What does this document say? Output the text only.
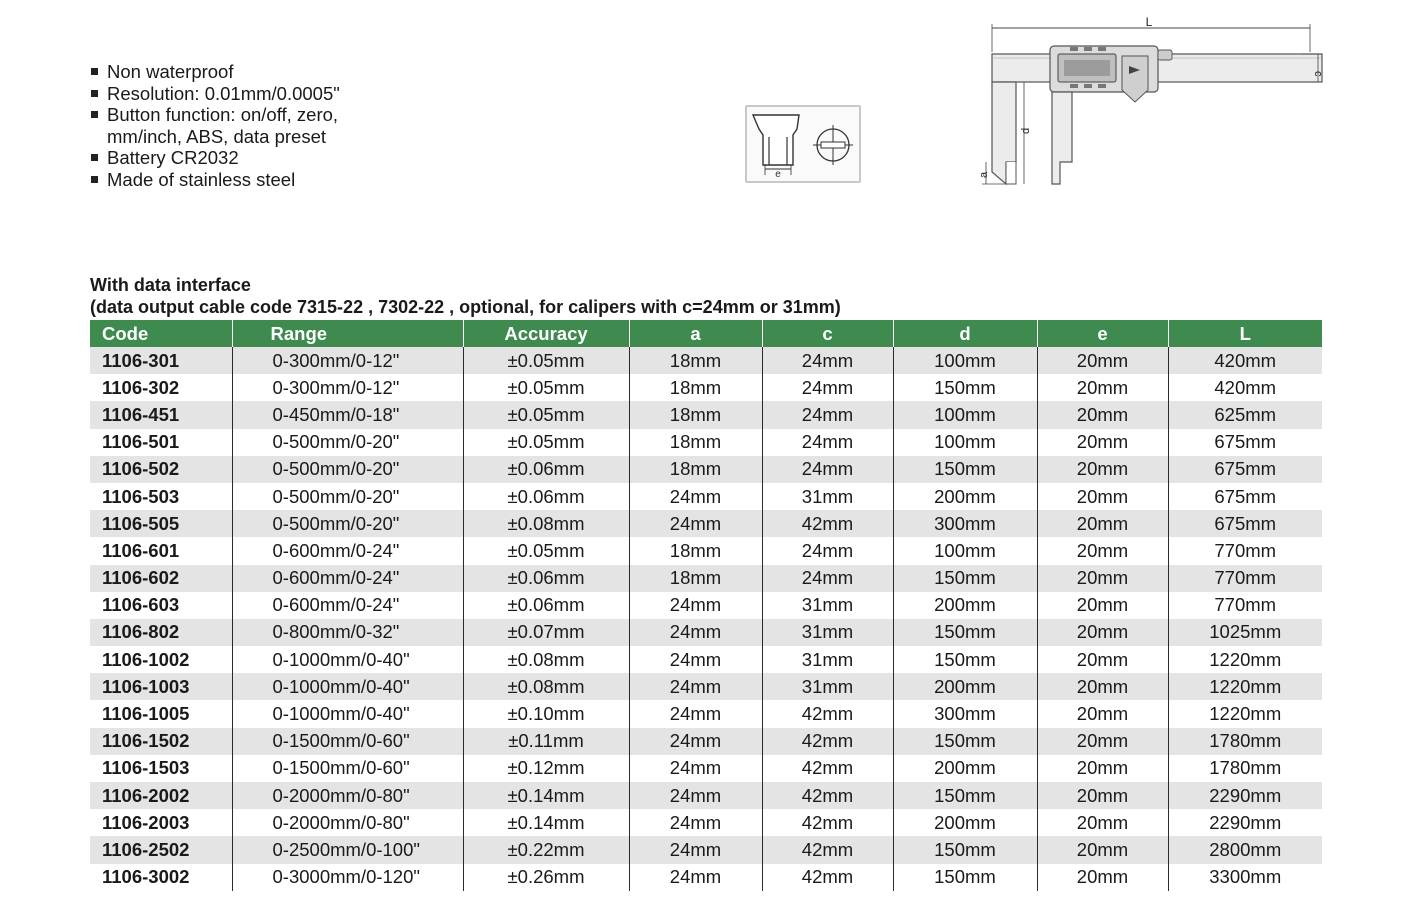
Non waterproof
Resolution: 0.01mm/0.0005"
Button function: on/off, zero,
mm/inch, ABS, data preset
Battery CR2032
Made of stainless steel	e
L
c
d
a
With data interface
(data output cable code 7315-22 , 7302-22 , optional, for calipers with c=24mm or 31mm)
Code	Range	Accuracy	a	c	d	e	L
1106-301	0-300mm/0-12"	±0.05mm	18mm	24mm	100mm	20mm	420mm
1106-302	0-300mm/0-12"	±0.05mm	18mm	24mm	150mm	20mm	420mm
1106-451	0-450mm/0-18"	±0.05mm	18mm	24mm	100mm	20mm	625mm
1106-501	0-500mm/0-20"	±0.05mm	18mm	24mm	100mm	20mm	675mm
1106-502	0-500mm/0-20"	±0.06mm	18mm	24mm	150mm	20mm	675mm
1106-503	0-500mm/0-20"	±0.06mm	24mm	31mm	200mm	20mm	675mm
1106-505	0-500mm/0-20"	±0.08mm	24mm	42mm	300mm	20mm	675mm
1106-601	0-600mm/0-24"	±0.05mm	18mm	24mm	100mm	20mm	770mm
1106-602	0-600mm/0-24"	±0.06mm	18mm	24mm	150mm	20mm	770mm
1106-603	0-600mm/0-24"	±0.06mm	24mm	31mm	200mm	20mm	770mm
1106-802	0-800mm/0-32"	±0.07mm	24mm	31mm	150mm	20mm	1025mm
1106-1002	0-1000mm/0-40"	±0.08mm	24mm	31mm	150mm	20mm	1220mm
1106-1003	0-1000mm/0-40"	±0.08mm	24mm	31mm	200mm	20mm	1220mm
1106-1005	0-1000mm/0-40"	±0.10mm	24mm	42mm	300mm	20mm	1220mm
1106-1502	0-1500mm/0-60"	±0.11mm	24mm	42mm	150mm	20mm	1780mm
1106-1503	0-1500mm/0-60"	±0.12mm	24mm	42mm	200mm	20mm	1780mm
1106-2002	0-2000mm/0-80"	±0.14mm	24mm	42mm	150mm	20mm	2290mm
1106-2003	0-2000mm/0-80"	±0.14mm	24mm	42mm	200mm	20mm	2290mm
1106-2502	0-2500mm/0-100"	±0.22mm	24mm	42mm	150mm	20mm	2800mm
1106-3002	0-3000mm/0-120"	±0.26mm	24mm	42mm	150mm	20mm	3300mm
